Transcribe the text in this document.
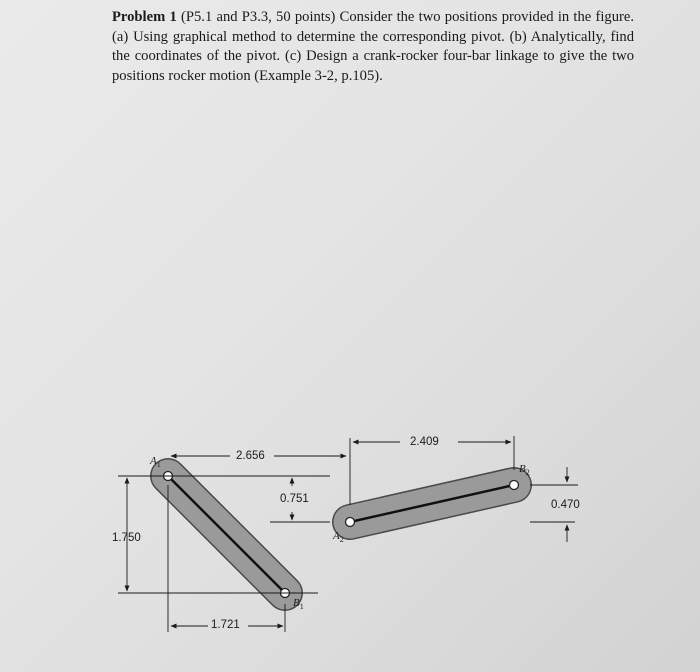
Problem 1 (P5.1 and P3.3, 50 points) Consider the two positions provided in the figure. (a) Using graphical method to determine the corresponding pivot. (b) Analytically, find the coordinates of the pivot. (c) Design a crank-rocker four-bar linkage to give the two positions rocker motion (Example 3-2, p.105).
2.656
0.751
1.750
1.721
2.409
0.470
$A_1$
$B_1$
$A_2$
$B_2$
